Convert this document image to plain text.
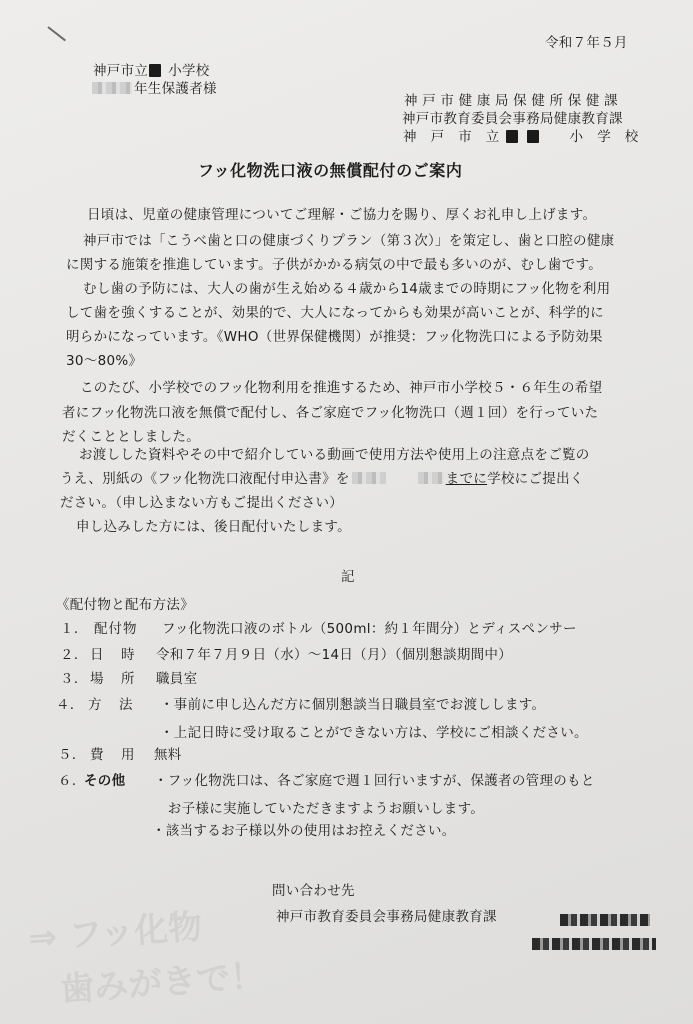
⇒ フッ化物
歯みがきで！
令和７年５月
神戸市立 小学校
年生保護者様
神 戸 市 健 康 局 保 健 所 保 健 課
神戸市教育委員会事務局健康教育課
神　戸　市　立	小　学　校
フッ化物洗口液の無償配付のご案内
日頃は、児童の健康管理についてご理解・ご協力を賜り、厚くお礼申し上げます。
神戸市では「こうべ歯と口の健康づくりプラン（第３次）」を策定し、歯と口腔の健康
に関する施策を推進しています。子供がかかる病気の中で最も多いのが、むし歯です。
むし歯の予防には、大人の歯が生え始める４歳から14歳までの時期にフッ化物を利用
して歯を強くすることが、効果的で、大人になってからも効果が高いことが、科学的に
明らかになっています。《WHO（世界保健機関）が推奨：フッ化物洗口による予防効果
30～80%》
このたび、小学校でのフッ化物利用を推進するため、神戸市小学校５・６年生の希望
者にフッ化物洗口液を無償で配付し、各ご家庭でフッ化物洗口（週１回）を行っていた
だくこととしました。
お渡しした資料やその中で紹介している動画で使用方法や使用上の注意点をご覧の
うえ、別紙の《フッ化物洗口液配付申込書》を	までに学校にご提出く
ださい。（申し込まない方もご提出ください）
申し込みした方には、後日配付いたします。
記
《配付物と配布方法》
１. 配付物 フッ化物洗口液のボトル（500ml：約１年間分）とディスペンサー
２. 日　時 令和７年７月９日（水）～14日（月）（個別懇談期間中）
３. 場　所 職員室
４. 方　法 ・事前に申し込んだ方に個別懇談当日職員室でお渡しします。
・上記日時に受け取ることができない方は、学校にご相談ください。
５. 費　用 無料
６. その他 ・フッ化物洗口は、各ご家庭で週１回行いますが、保護者の管理のもと
　お子様に実施していただきますようお願いします。
・該当するお子様以外の使用はお控えください。
問い合わせ先
神戸市教育委員会事務局健康教育課
